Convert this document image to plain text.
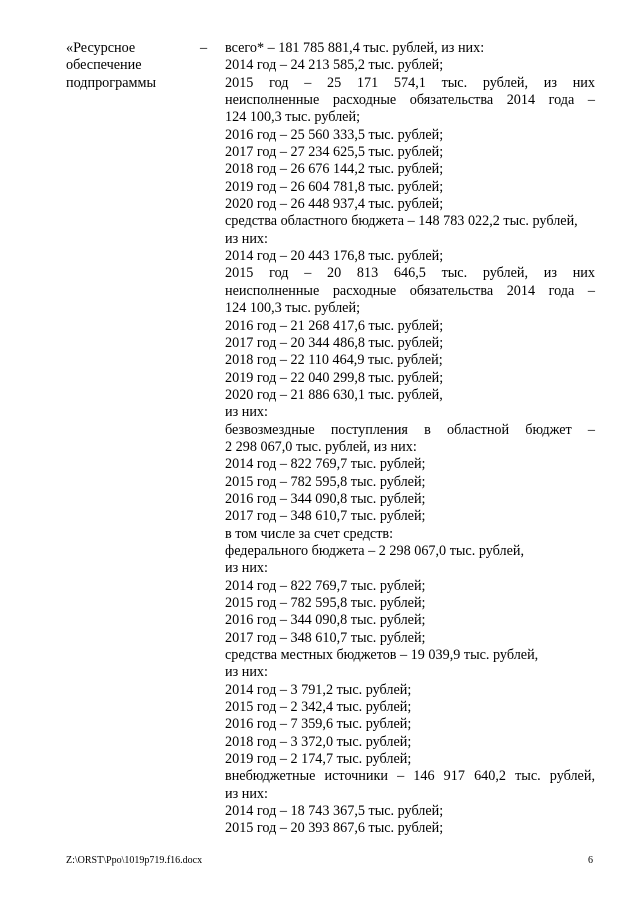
«Ресурсное
обеспечение
подпрограммы
– всего* – 181 785 881,4 тыс. рублей, из них:
2014 год – 24 213 585,2 тыс. рублей;
2015 год – 25 171 574,1 тыс. рублей, из них
неисполненные расходные обязательства 2014 года –
124 100,3 тыс. рублей;
2016 год – 25 560 333,5 тыс. рублей;
2017 год – 27 234 625,5 тыс. рублей;
2018 год – 26 676 144,2 тыс. рублей;
2019 год – 26 604 781,8 тыс. рублей;
2020 год – 26 448 937,4 тыс. рублей;
средства областного бюджета – 148 783 022,2 тыс. рублей,
из них:
2014 год – 20 443 176,8 тыс. рублей;
2015 год – 20 813 646,5 тыс. рублей, из них
неисполненные расходные обязательства 2014 года –
124 100,3 тыс. рублей;
2016 год – 21 268 417,6 тыс. рублей;
2017 год – 20 344 486,8 тыс. рублей;
2018 год – 22 110 464,9 тыс. рублей;
2019 год – 22 040 299,8 тыс. рублей;
2020 год – 21 886 630,1 тыс. рублей,
из них:
безвозмездные поступления в областной бюджет –
2 298 067,0 тыс. рублей, из них:
2014 год – 822 769,7 тыс. рублей;
2015 год – 782 595,8 тыс. рублей;
2016 год – 344 090,8 тыс. рублей;
2017 год – 348 610,7 тыс. рублей;
в том числе за счет средств:
федерального бюджета – 2 298 067,0 тыс. рублей,
из них:
2014 год – 822 769,7 тыс. рублей;
2015 год – 782 595,8 тыс. рублей;
2016 год – 344 090,8 тыс. рублей;
2017 год – 348 610,7 тыс. рублей;
средства местных бюджетов – 19 039,9 тыс. рублей,
из них:
2014 год – 3 791,2 тыс. рублей;
2015 год – 2 342,4 тыс. рублей;
2016 год – 7 359,6 тыс. рублей;
2018 год – 3 372,0 тыс. рублей;
2019 год – 2 174,7 тыс. рублей;
внебюджетные источники – 146 917 640,2 тыс. рублей,
из них:
2014 год – 18 743 367,5 тыс. рублей;
2015 год – 20 393 867,6 тыс. рублей;
Z:\ORST\Ppo\1019p719.f16.docx	6
